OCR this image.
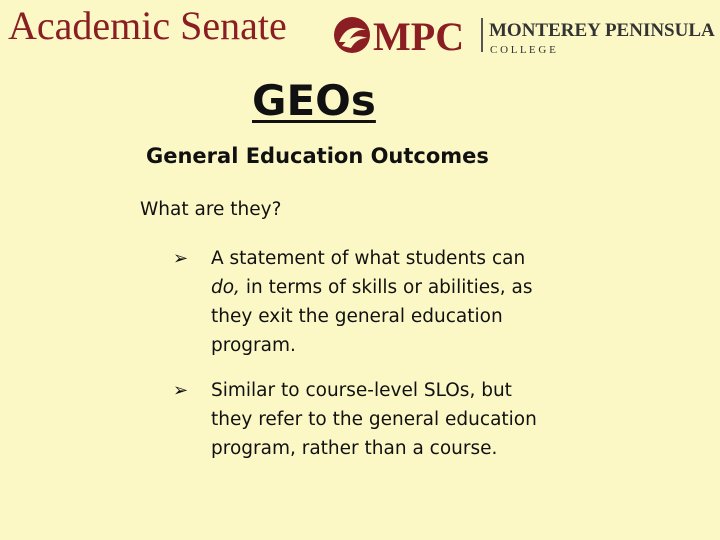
Academic Senate MPC MONTEREY PENINSULA
C O L L E G E
GEOs
General Education Outcomes
What are they?
➢ A statement of what students can
do, in terms of skills or abilities, as
they exit the general education
program.
➢ Similar to course-level SLOs, but
they refer to the general education
program, rather than a course.
